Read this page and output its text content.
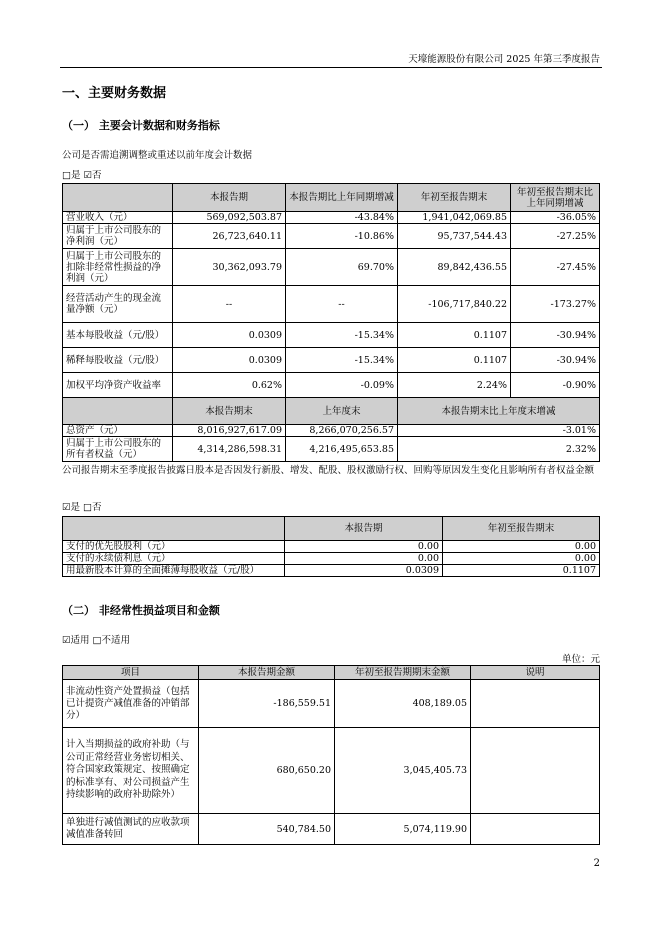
天壕能源股份有限公司 2025 年第三季度报告
一、主要财务数据
（一） 主要会计数据和财务指标
公司是否需追溯调整或重述以前年度会计数据
□是 ☑否
	本报告期	本报告期比上年同期增减	年初至报告期末	年初至报告期末比上年同期增减
营业收入（元）	569,092,503.87	-43.84%	1,941,042,069.85	-36.05%
归属于上市公司股东的净利润（元）	26,723,640.11	-10.86%	95,737,544.43	-27.25%
归属于上市公司股东的扣除非经常性损益的净利润（元）	30,362,093.79	69.70%	89,842,436.55	-27.45%
经营活动产生的现金流量净额（元）	--	--	-106,717,840.22	-173.27%
基本每股收益（元/股）	0.0309	-15.34%	0.1107	-30.94%
稀释每股收益（元/股）	0.0309	-15.34%	0.1107	-30.94%
加权平均净资产收益率	0.62%	-0.09%	2.24%	-0.90%
	本报告期末	上年度末	本报告期末比上年度末增减	
总资产（元）	8,016,927,617.09	8,266,070,256.57	-3.01%	
归属于上市公司股东的所有者权益（元）	4,314,286,598.31	4,216,495,653.85	2.32%	
公司报告期末至季度报告披露日股本是否因发行新股、增发、配股、股权激励行权、回购等原因发生变化且影响所有者权益金额
☑是 □否
	本报告期	年初至报告期末
支付的优先股股利（元）	0.00	0.00
支付的永续债利息（元）	0.00	0.00
用最新股本计算的全面摊薄每股收益（元/股）	0.0309	0.1107
（二） 非经常性损益项目和金额
☑适用 □不适用
单位：元
项目	本报告期金额	年初至报告期期末金额	说明
非流动性资产处置损益（包括已计提资产减值准备的冲销部分）	-186,559.51	408,189.05	
计入当期损益的政府补助（与公司正常经营业务密切相关、符合国家政策规定、按照确定的标准享有、对公司损益产生持续影响的政府补助除外）	680,650.20	3,045,405.73	
单独进行减值测试的应收款项减值准备转回	540,784.50	5,074,119.90	
2
